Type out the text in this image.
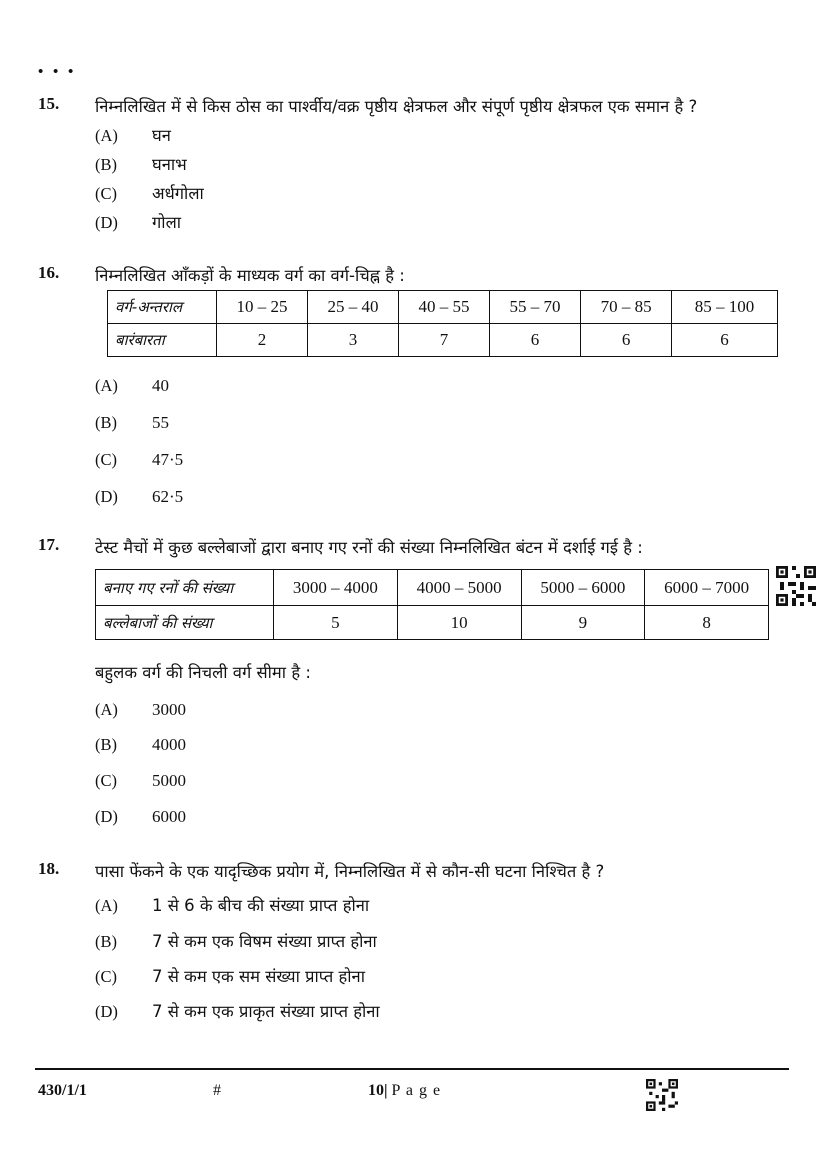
• • •
15. निम्नलिखित में से किस ठोस का पार्श्वीय/वक्र पृष्ठीय क्षेत्रफल और संपूर्ण पृष्ठीय क्षेत्रफल एक समान है ?
(A) घन
(B) घनाभ
(C) अर्धगोला
(D) गोला
16. निम्नलिखित आँकड़ों के माध्यक वर्ग का वर्ग-चिह्न है :
वर्ग-अन्तराल	10 – 25	25 – 40	40 – 55	55 – 70	70 – 85	85 – 100
बारंबारता	2	3	7	6	6	6
(A) 40
(B) 55
(C) 47·5
(D) 62·5
17. टेस्ट मैचों में कुछ बल्लेबाजों द्वारा बनाए गए रनों की संख्या निम्नलिखित बंटन में दर्शाई गई है :
बनाए गए रनों की संख्या	3000 – 4000	4000 – 5000	5000 – 6000	6000 – 7000
बल्लेबाजों की संख्या	5	10	9	8
बहुलक वर्ग की निचली वर्ग सीमा है :
(A) 3000
(B) 4000
(C) 5000
(D) 6000
18. पासा फेंकने के एक यादृच्छिक प्रयोग में, निम्नलिखित में से कौन-सी घटना निश्चित है ?
(A) 1 से 6 के बीच की संख्या प्राप्त होना
(B) 7 से कम एक विषम संख्या प्राप्त होना
(C) 7 से कम एक सम संख्या प्राप्त होना
(D) 7 से कम एक प्राकृत संख्या प्राप्त होना
430/1/1	#	10| P a g e
